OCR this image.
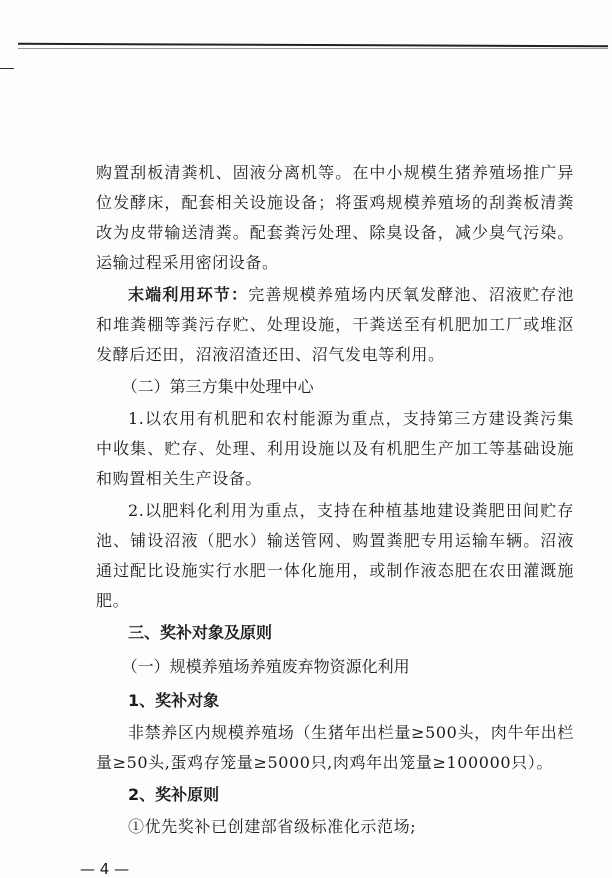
购置刮板清粪机、固液分离机等。在中小规模生猪养殖场推广异位发酵床，配套相关设施设备；将蛋鸡规模养殖场的刮粪板清粪改为皮带输送清粪。配套粪污处理、除臭设备，减少臭气污染。运输过程采用密闭设备。

末端利用环节：完善规模养殖场内厌氧发酵池、沼液贮存池和堆粪棚等粪污存贮、处理设施，干粪送至有机肥加工厂或堆沤发酵后还田，沼液沼渣还田、沼气发电等利用。

（二）第三方集中处理中心

1.以农用有机肥和农村能源为重点，支持第三方建设粪污集中收集、贮存、处理、利用设施以及有机肥生产加工等基础设施和购置相关生产设备。

2.以肥料化利用为重点，支持在种植基地建设粪肥田间贮存池、铺设沼液（肥水）输送管网、购置粪肥专用运输车辆。沼液通过配比设施实行水肥一体化施用，或制作液态肥在农田灌溉施肥。

三、奖补对象及原则

（一）规模养殖场养殖废弃物资源化利用

1、奖补对象

非禁养区内规模养殖场（生猪年出栏量≥500头，肉牛年出栏量≥50头,蛋鸡存笼量≥5000只,肉鸡年出笼量≥100000只）。

2、奖补原则

①优先奖补已创建部省级标准化示范场;

— 4 —
